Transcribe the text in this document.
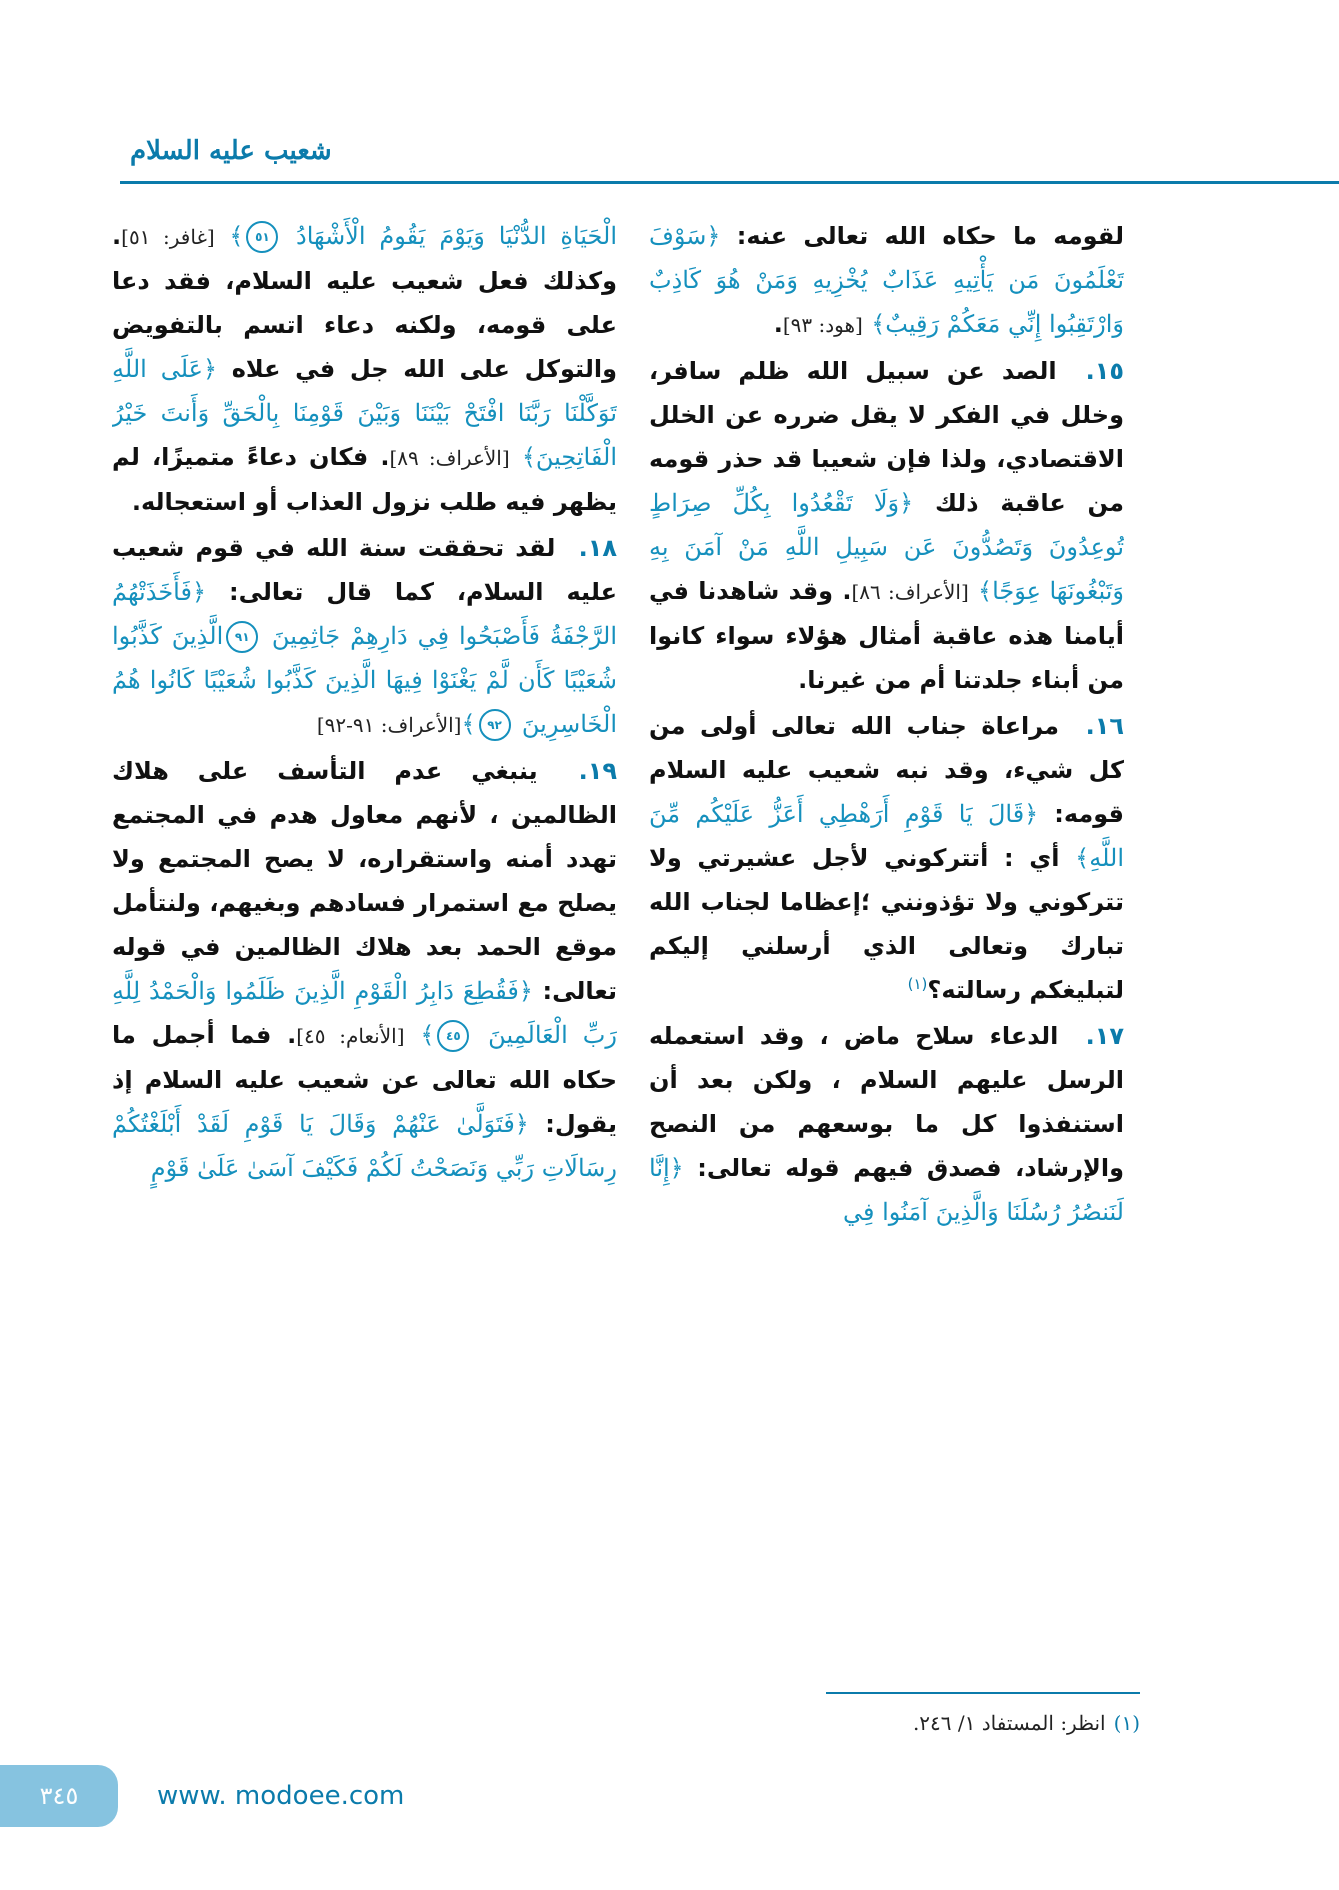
شعيب عليه السلام

لقومه ما حكاه الله تعالى عنه: ﴿سَوْفَ تَعْلَمُونَ مَن يَأْتِيهِ عَذَابٌ يُخْزِيهِ وَمَنْ هُوَ كَاذِبٌ وَارْتَقِبُوا إِنِّي مَعَكُمْ رَقِيبٌ﴾ [هود: ٩٣].

١٥. الصد عن سبيل الله ظلم سافر، وخلل في الفكر لا يقل ضرره عن الخلل الاقتصادي، ولذا فإن شعيبا قد حذر قومه من عاقبة ذلك ﴿وَلَا تَقْعُدُوا بِكُلِّ صِرَاطٍ تُوعِدُونَ وَتَصُدُّونَ عَن سَبِيلِ اللَّهِ مَنْ آمَنَ بِهِ وَتَبْغُونَهَا عِوَجًا﴾ [الأعراف: ٨٦]. وقد شاهدنا في أيامنا هذه عاقبة أمثال هؤلاء سواء كانوا من أبناء جلدتنا أم من غيرنا.

١٦. مراعاة جناب الله تعالى أولى من كل شيء، وقد نبه شعيب عليه السلام قومه: ﴿قَالَ يَا قَوْمِ أَرَهْطِي أَعَزُّ عَلَيْكُم مِّنَ اللَّهِ﴾ أي : أتتركوني لأجل عشيرتي ولا تتركوني ولا تؤذونني ؛إعظاما لجناب الله تبارك وتعالى الذي أرسلني إليكم لتبليغكم رسالته؟$^{(١)}$

١٧. الدعاء سلاح ماض ، وقد استعمله الرسل عليهم السلام ، ولكن بعد أن استنفذوا كل ما بوسعهم من النصح والإرشاد، فصدق فيهم قوله تعالى: ﴿إِنَّا لَنَنصُرُ رُسُلَنَا وَالَّذِينَ آمَنُوا فِي

الْحَيَاةِ الدُّنْيَا وَيَوْمَ يَقُومُ الْأَشْهَادُ ٥١﴾ [غافر: ٥١]. وكذلك فعل شعيب عليه السلام، فقد دعا على قومه، ولكنه دعاء اتسم بالتفويض والتوكل على الله جل في علاه ﴿عَلَى اللَّهِ تَوَكَّلْنَا رَبَّنَا افْتَحْ بَيْنَنَا وَبَيْنَ قَوْمِنَا بِالْحَقِّ وَأَنتَ خَيْرُ الْفَاتِحِينَ﴾ [الأعراف: ٨٩]. فكان دعاءً متميزًا، لم يظهر فيه طلب نزول العذاب أو استعجاله.

١٨. لقد تحققت سنة الله في قوم شعيب عليه السلام، كما قال تعالى: ﴿فَأَخَذَتْهُمُ الرَّجْفَةُ فَأَصْبَحُوا فِي دَارِهِمْ جَاثِمِينَ ٩١الَّذِينَ كَذَّبُوا شُعَيْبًا كَأَن لَّمْ يَغْنَوْا فِيهَا الَّذِينَ كَذَّبُوا شُعَيْبًا كَانُوا هُمُ الْخَاسِرِينَ ٩٢﴾[الأعراف: ٩١-٩٢]

١٩. ينبغي عدم التأسف على هلاك الظالمين ، لأنهم معاول هدم في المجتمع تهدد أمنه واستقراره، لا يصح المجتمع ولا يصلح مع استمرار فسادهم وبغيهم، ولنتأمل موقع الحمد بعد هلاك الظالمين في قوله تعالى: ﴿فَقُطِعَ دَابِرُ الْقَوْمِ الَّذِينَ ظَلَمُوا وَالْحَمْدُ لِلَّهِ رَبِّ الْعَالَمِينَ ٤٥﴾ [الأنعام: ٤٥]. فما أجمل ما حكاه الله تعالى عن شعيب عليه السلام إذ يقول: ﴿فَتَوَلَّىٰ عَنْهُمْ وَقَالَ يَا قَوْمِ لَقَدْ أَبْلَغْتُكُمْ رِسَالَاتِ رَبِّي وَنَصَحْتُ لَكُمْ فَكَيْفَ آسَىٰ عَلَىٰ قَوْمٍ

(١)انظر: المستفاد ١/ ٢٤٦.
٣٤٥	www. modoee.com
